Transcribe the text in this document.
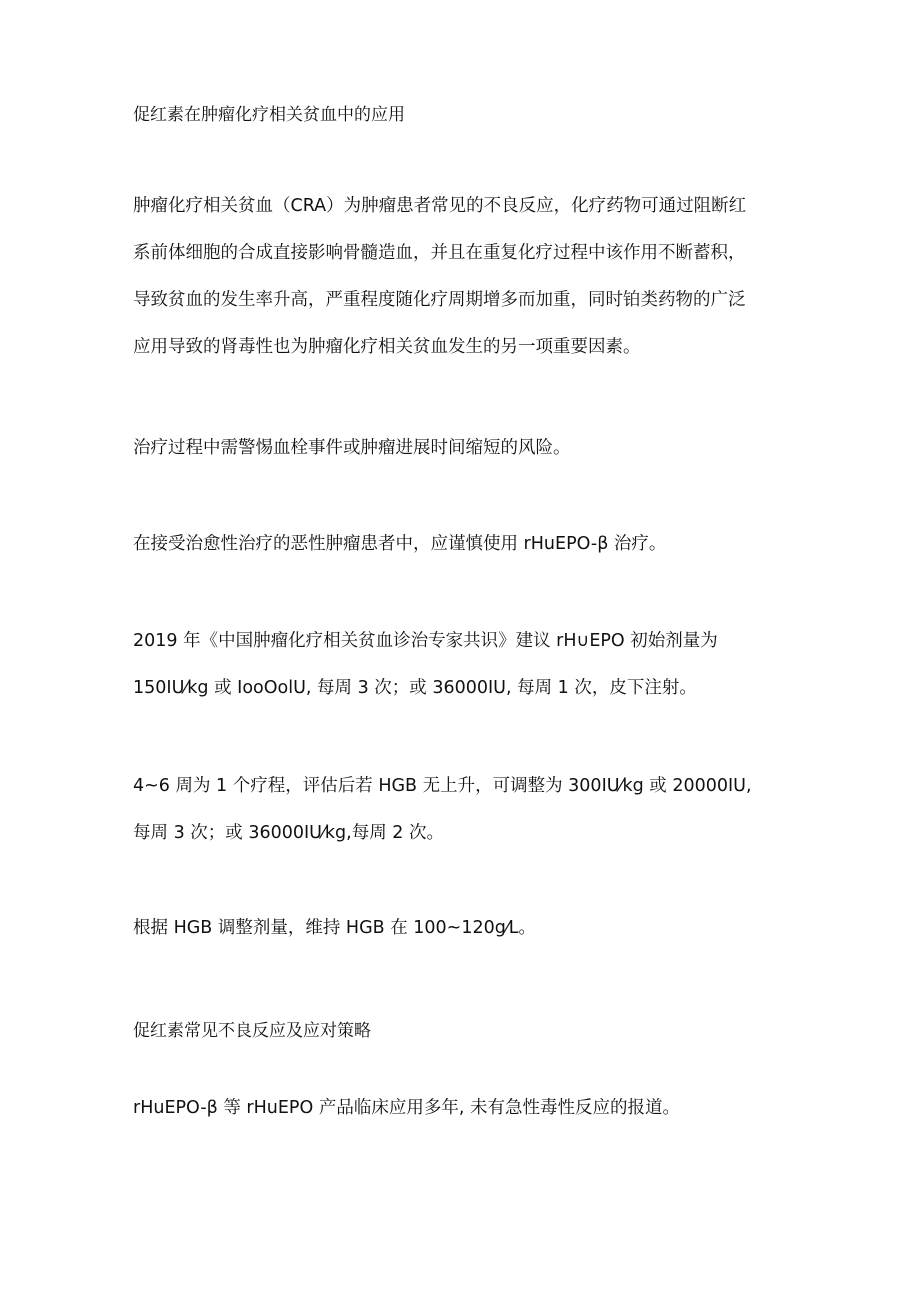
促红素在肿瘤化疗相关贫血中的应用

肿瘤化疗相关贫血（CRA）为肿瘤患者常见的不良反应，化疗药物可通过阻断红
系前体细胞的合成直接影响骨髓造血，并且在重复化疗过程中该作用不断蓄积，
导致贫血的发生率升高，严重程度随化疗周期增多而加重，同时铂类药物的广泛
应用导致的肾毒性也为肿瘤化疗相关贫血发生的另一项重要因素。

治疗过程中需警惕血栓事件或肿瘤进展时间缩短的风险。

在接受治愈性治疗的恶性肿瘤患者中，应谨慎使用 rHuEPO-β 治疗。

2019 年《中国肿瘤化疗相关贫血诊治专家共识》建议 rH∪EPO 初始剂量为
150IU⁄kg 或 IooOolU, 每周 3 次；或 36000IU, 每周 1 次，皮下注射。

4~6 周为 1 个疗程，评估后若 HGB 无上升，可调整为 300IU⁄kg 或 20000IU,
每周 3 次；或 36000IU⁄kg,每周 2 次。

根据 HGB 调整剂量，维持 HGB 在 100~120g⁄L。

促红素常见不良反应及应对策略

rHuEPO-β 等 rHuEPO 产品临床应用多年, 未有急性毒性反应的报道。
